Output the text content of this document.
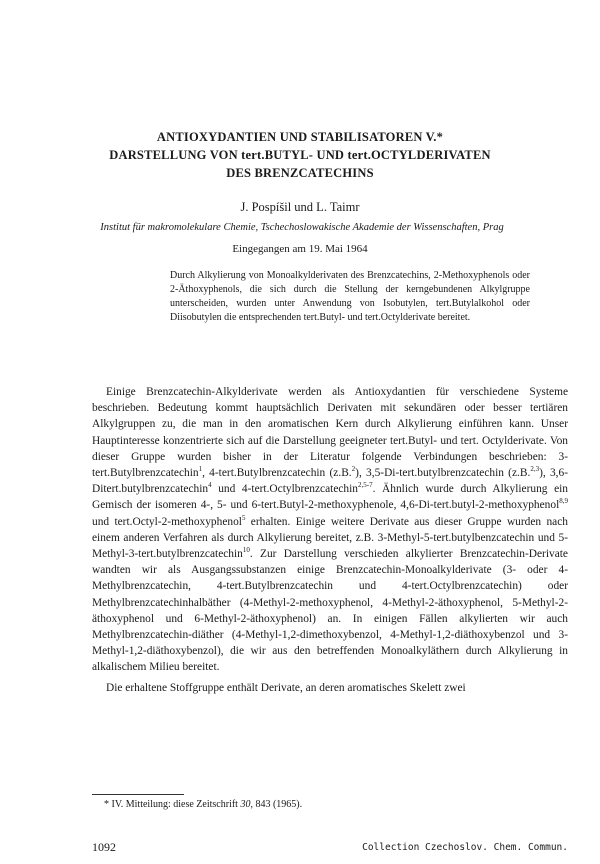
ANTIOXYDANTIEN UND STABILISATOREN V.*

DARSTELLUNG VON tert.BUTYL- UND tert.OCTYLDERIVATEN

DES BRENZCATECHINS

J. Pospíšil und L. Taimr
Institut für makromolekulare Chemie, Tschechoslowakische Akademie der Wissenschaften, Prag
Eingegangen am 19. Mai 1964

Durch Alkylierung von Monoalkylderivaten des Brenzcatechins, 2-Methoxyphenols oder 2-Äthoxyphenols, die sich durch die Stellung der kerngebundenen Alkylgruppe unterscheiden, wurden unter Anwendung von Isobutylen, tert.Butylalkohol oder Diisobutylen die entsprechenden tert.Butyl- und tert.Octylderivate bereitet.

Einige Brenzcatechin-Alkylderivate werden als Antioxydantien für verschiedene Systeme beschrieben. Bedeutung kommt hauptsächlich Derivaten mit sekundären oder besser tertiären Alkylgruppen zu, die man in den aromatischen Kern durch Alkylierung einführen kann. Unser Hauptinteresse konzentrierte sich auf die Darstellung geeigneter tert.Butyl- und tert. Octylderivate. Von dieser Gruppe wurden bisher in der Literatur folgende Verbindungen beschrieben: 3-tert.Butylbrenzcatechin$^1$, 4-tert.Butylbrenzcatechin (z.B.$^2$), 3,5-Di-tert.butylbrenzcatechin (z.B.$^{2,3}$), 3,6-Ditert.butylbrenzcatechin$^4$ und 4-tert.Octylbrenzcatechin$^{2,5-7}$. Ähnlich wurde durch Alkylierung ein Gemisch der isomeren 4-, 5- und 6-tert.Butyl-2-methoxyphenole, 4,6-Di-tert.butyl-2-methoxyphenol$^{8,9}$ und tert.Octyl-2-methoxyphenol$^5$ erhalten. Einige weitere Derivate aus dieser Gruppe wurden nach einem anderen Verfahren als durch Alkylierung bereitet, z.B. 3-Methyl-5-tert.butylbenzcatechin und 5-Methyl-3-tert.butylbrenzcatechin$^{10}$. Zur Darstellung verschieden alkylierter Brenzcatechin-Derivate wandten wir als Ausgangssubstanzen einige Brenzcatechin-Monoalkylderivate (3- oder 4-Methylbrenzcatechin, 4-tert.Butylbrenzcatechin und 4-tert.Octylbrenzcatechin) oder Methylbrenzcatechinhalbäther (4-Methyl-2-methoxyphenol, 4-Methyl-2-äthoxyphenol, 5-Methyl-2-äthoxyphenol und 6-Methyl-2-äthoxyphenol) an. In einigen Fällen alkylierten wir auch Methylbrenzcatechin-diäther (4-Methyl-1,2-dimethoxybenzol, 4-Methyl-1,2-diäthoxybenzol und 3-Methyl-1,2-diäthoxybenzol), die wir aus den betreffenden Monoalkyläthern durch Alkylierung in alkalischem Milieu bereitet.

Die erhaltene Stoffgruppe enthält Derivate, an deren aromatisches Skelett zwei

* IV. Mitteilung: diese Zeitschrift 30, 843 (1965).
1092	Collection Czechoslov. Chem. Commun.
